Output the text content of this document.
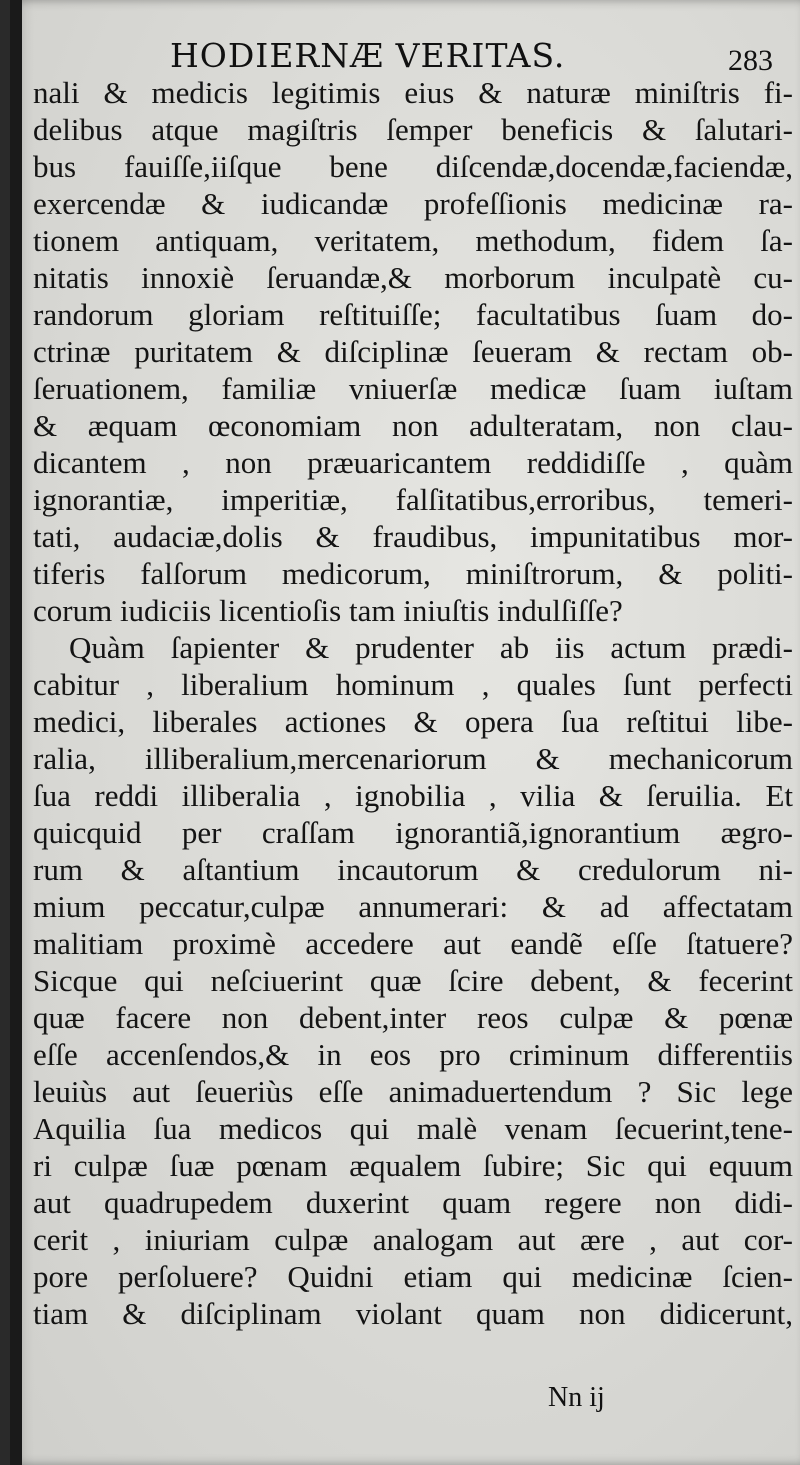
HODIERNÆ VERITAS.	283
nali & medicis legitimis eius & naturæ miniſtris fi-
delibus atque magiſtris ſemper beneficis & ſalutari-
bus fauiſſe,iiſque bene diſcendæ,docendæ,faciendæ,
exercendæ & iudicandæ profeſſionis medicinæ ra-
tionem antiquam, veritatem, methodum, fidem ſa-
nitatis innoxiè ſeruandæ,& morborum inculpatè cu-
randorum gloriam reſtituiſſe; facultatibus ſuam do-
ctrinæ puritatem & diſciplinæ ſeueram & rectam ob-
ſeruationem, familiæ vniuerſæ medicæ ſuam iuſtam
& æquam œconomiam non adulteratam, non clau-
dicantem , non præuaricantem reddidiſſe , quàm
ignorantiæ, imperitiæ, falſitatibus,erroribus, temeri-
tati, audaciæ,dolis & fraudibus, impunitatibus mor-
tiferis falſorum medicorum, miniſtrorum, & politi-
corum iudiciis licentioſis tam iniuſtis indulſiſſe?
Quàm ſapienter & prudenter ab iis actum prædi-
cabitur , liberalium hominum , quales ſunt perfecti
medici, liberales actiones & opera ſua reſtitui libe-
ralia, illiberalium,mercenariorum & mechanicorum
ſua reddi illiberalia , ignobilia , vilia & ſeruilia. Et
quicquid per craſſam ignorantiã,ignorantium ægro-
rum & aſtantium incautorum & credulorum ni-
mium peccatur,culpæ annumerari: & ad affectatam
malitiam proximè accedere aut eandẽ eſſe ſtatuere?
Sicque qui neſciuerint quæ ſcire debent, & fecerint
quæ facere non debent,inter reos culpæ & pœnæ
eſſe accenſendos,& in eos pro criminum differentiis
leuiùs aut ſeueriùs eſſe animaduertendum ? Sic lege
Aquilia ſua medicos qui malè venam ſecuerint,tene-
ri culpæ ſuæ pœnam æqualem ſubire; Sic qui equum
aut quadrupedem duxerint quam regere non didi-
cerit , iniuriam culpæ analogam aut ære , aut cor-
pore perſoluere? Quidni etiam qui medicinæ ſcien-
tiam & diſciplinam violant quam non didicerunt,
Nn ij
